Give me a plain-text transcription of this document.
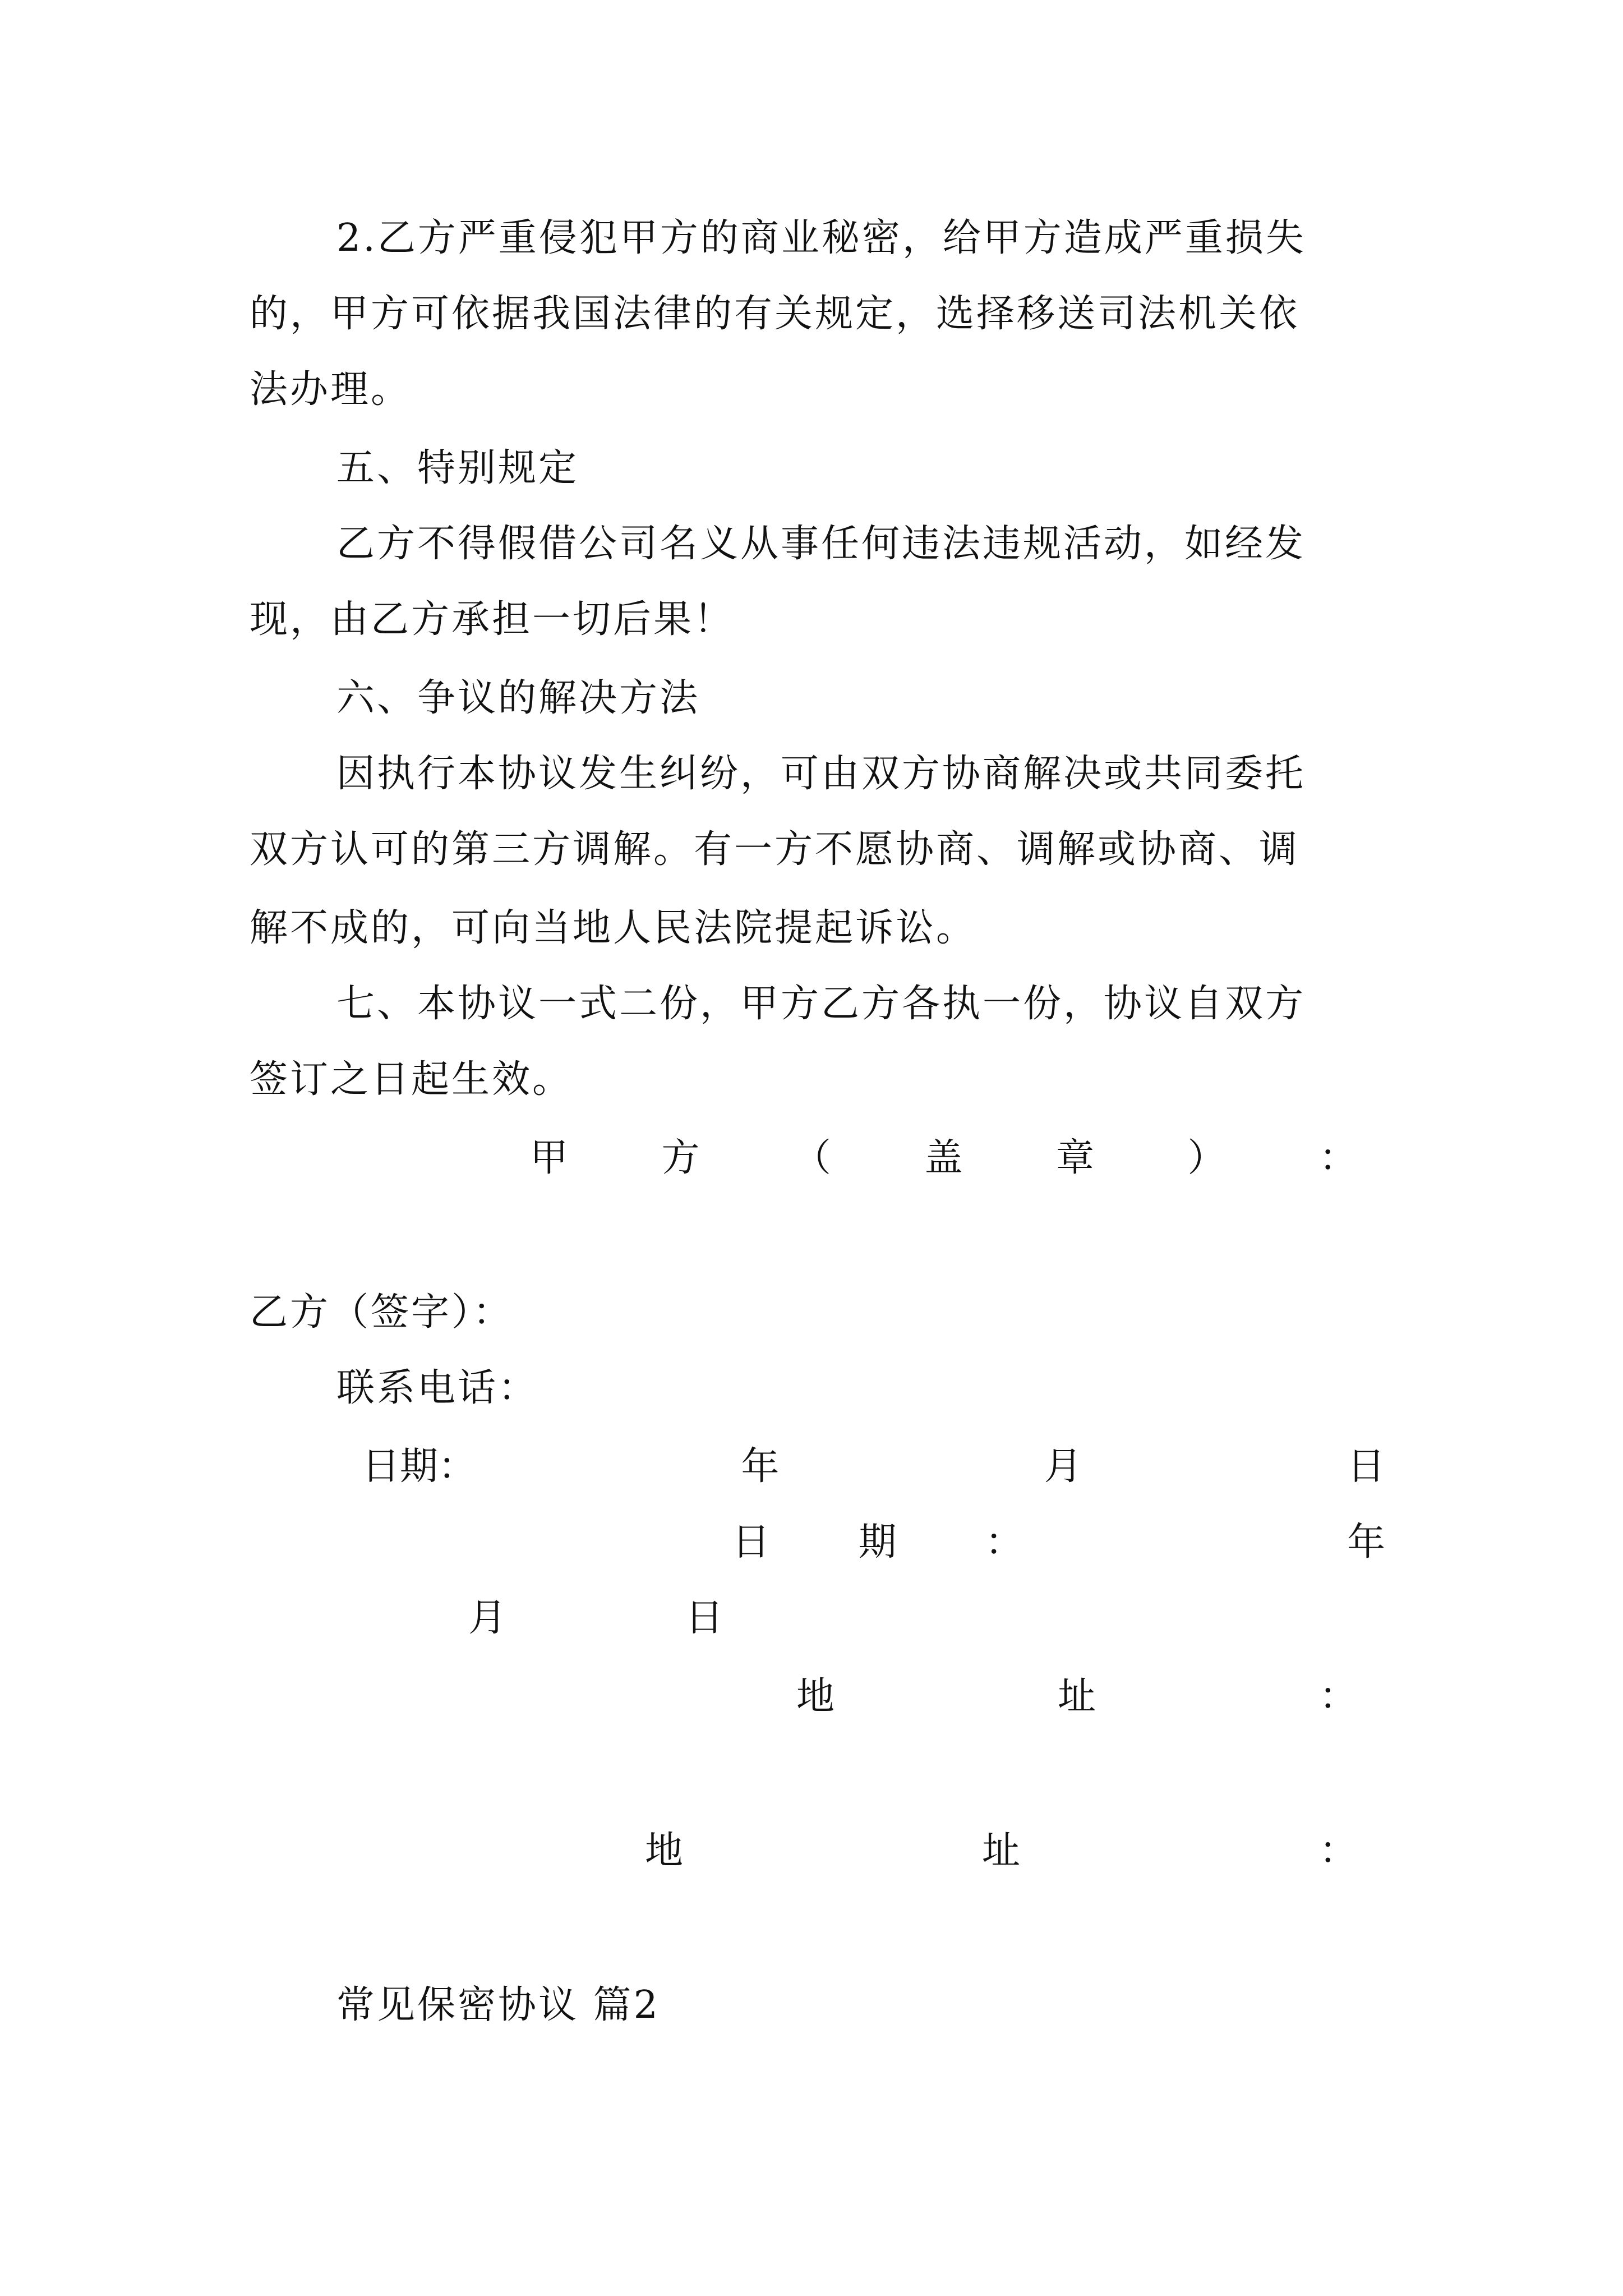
2.乙方严重侵犯甲方的商业秘密，给甲方造成严重损失
的，甲方可依据我国法律的有关规定，选择移送司法机关依
法办理。
五、特别规定
乙方不得假借公司名义从事任何违法违规活动，如经发
现，由乙方承担一切后果！
六、争议的解决方法
因执行本协议发生纠纷，可由双方协商解决或共同委托
双方认可的第三方调解。有一方不愿协商、调解或协商、调
解不成的，可向当地人民法院提起诉讼。
七、本协议一式二份，甲方乙方各执一份，协议自双方
签订之日起生效。
甲 方 （ 盖 章 ） ：
乙方（签字）：
联系电话：
日期：	年	月	日
日 期 ：	年
月	日
地	址	：
地	址	：
常见保密协议 篇2
